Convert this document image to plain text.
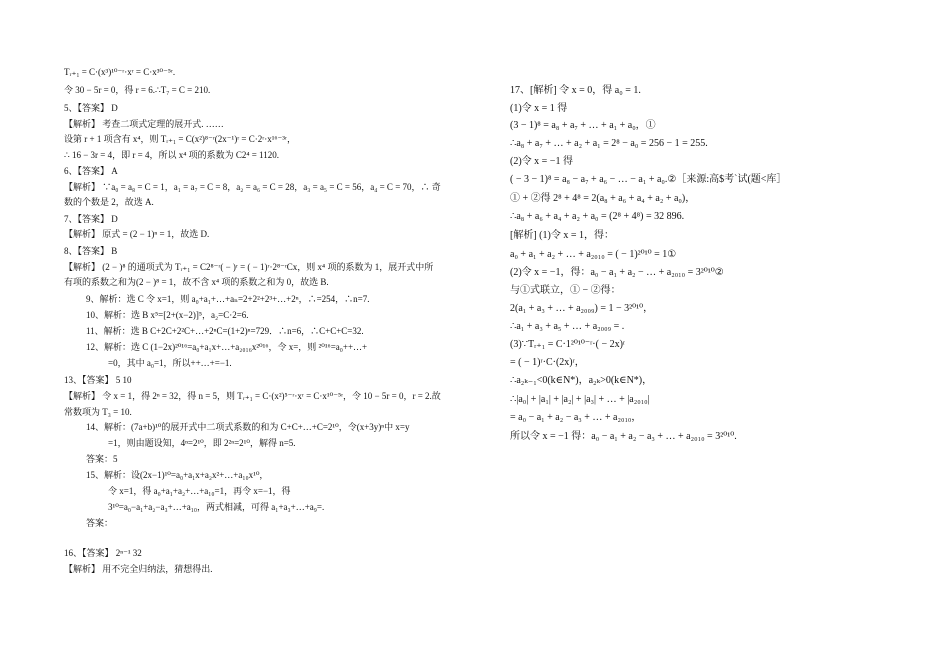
Tᵣ₊₁ = C·(x³)¹⁰⁻ʳ·xʳ = C·x³⁰⁻⁵ʳ.
令 30 − 5r = 0，得 r = 6.∴T₇ = C = 210.
5、【答案】 D
【解析】 考查二项式定理的展开式. ……
设第 r + 1 项含有 x⁴，则 Tᵣ₊₁ = C(x²)⁸⁻ʳ(2x⁻¹)ʳ = C·2ʳ·x¹⁶⁻³ʳ，
∴ 16 − 3r = 4，即 r = 4，所以 x⁴ 项的系数为 C2⁴ = 1120.
6、【答案】 A
【解析】 ∵a₀ = a₈ = C = 1，a₁ = a₇ = C = 8，a₂ = a₆ = C = 28，a₃ = a₅ = C = 56，a₄ = C = 70，∴ 奇
数的个数是 2，故选 A.
7、【答案】 D
【解析】 原式 = (2 − 1)ⁿ = 1，故选 D.
8、【答案】 B
【解析】 (2 − )⁸ 的通项式为 Tᵣ₊₁ = C2⁸⁻ʳ( − )ʳ = ( − 1)ʳ·2⁸⁻ʳCx，则 x⁴ 项的系数为 1，展开式中所
有项的系数之和为(2 − )⁸ = 1，故不含 x⁴ 项的系数之和为 0，故选 B.
9、解析：选 C 令 x=1，则 a₀+a₁+…+aₙ=2+2²+2³+…+2ⁿ，∴=254，∴n=7.
10、解析：选 B x⁵=[2+(x−2)]⁵，a₂=C·2=6.
11、解析：选 B C+2C+2²C+…+2ⁿC=(1+2)ⁿ=729．∴n=6，∴C+C+C=32.
12、解析：选 C (1−2x)²⁰¹⁶=a₀+a₁x+…+a₂₀₁₆x²⁰¹⁶，令 x=，则 ²⁰¹⁶=a₀++…+
=0，其中 a₀=1，所以++…+=−1.
13、【答案】 5 10
【解析】 令 x = 1，得 2ⁿ = 32，得 n = 5，则 Tᵣ₊₁ = C·(x²)⁵⁻ʳ·xʳ = C·x¹⁰⁻⁵ʳ，令 10 − 5r = 0，r = 2.故
常数项为 T₃ = 10.
14、解析：(7a+b)¹⁰的展开式中二项式系数的和为 C+C+…+C=2¹⁰，令(x+3y)ⁿ中 x=y
=1，则由题设知，4ⁿ=2¹⁰，即 2²ⁿ=2¹⁰，解得 n=5.
答案：5
15、解析：设(2x−1)¹⁰=a₀+a₁x+a₂x²+…+a₁₀x¹⁰，
令 x=1，得 a₀+a₁+a₂+…+a₁₀=1，再令 x=−1，得
3¹⁰=a₀−a₁+a₂−a₃+…+a₁₀，两式相减，可得 a₁+a₃+…+a₉=.
答案：
16、【答案】 2ⁿ⁻¹ 32
【解析】 用不完全归纳法，猜想得出.
17、[解析] 令 x = 0，得 a₀ = 1.
(1)令 x = 1 得
(3 − 1)⁸ = a₈ + a₇ + … + a₁ + a₀，①
∴a₈ + a₇ + … + a₂ + a₁ = 2⁸ − a₀ = 256 − 1 = 255.
(2)令 x = −1 得
( − 3 − 1)⁸ = a₈ − a₇ + a₆ − … − a₁ + a₀.②［来源:高$考`试(题<库］
① + ②得 2⁸ + 4⁸ = 2(a₈ + a₆ + a₄ + a₂ + a₀)，
∴a₈ + a₆ + a₄ + a₂ + a₀ = (2⁸ + 4⁸) = 32 896.
[解析] (1)令 x = 1，得：
a₀ + a₁ + a₂ + … + a₂₀₁₀ = ( − 1)²⁰¹⁰ = 1①
(2)令 x = −1，得：a₀ − a₁ + a₂ − … + a₂₀₁₀ = 3²⁰¹⁰②
与①式联立，① − ②得：
2(a₁ + a₃ + … + a₂₀₀₉) = 1 − 3²⁰¹⁰，
∴a₁ + a₃ + a₅ + … + a₂₀₀₉ = .
(3)∵Tᵣ₊₁ = C·1²⁰¹⁰⁻ʳ·( − 2x)ʳ
= ( − 1)ʳ·C·(2x)ʳ，
∴a₂ₖ₋₁<0(k∈N*)，a₂ₖ>0(k∈N*)，
∴|a₀| + |a₁| + |a₂| + |a₃| + … + |a₂₀₁₀|
= a₀ − a₁ + a₂ − a₃ + … + a₂₀₁₀，
所以令 x = −1 得：a₀ − a₁ + a₂ − a₃ + … + a₂₀₁₀ = 3²⁰¹⁰.
